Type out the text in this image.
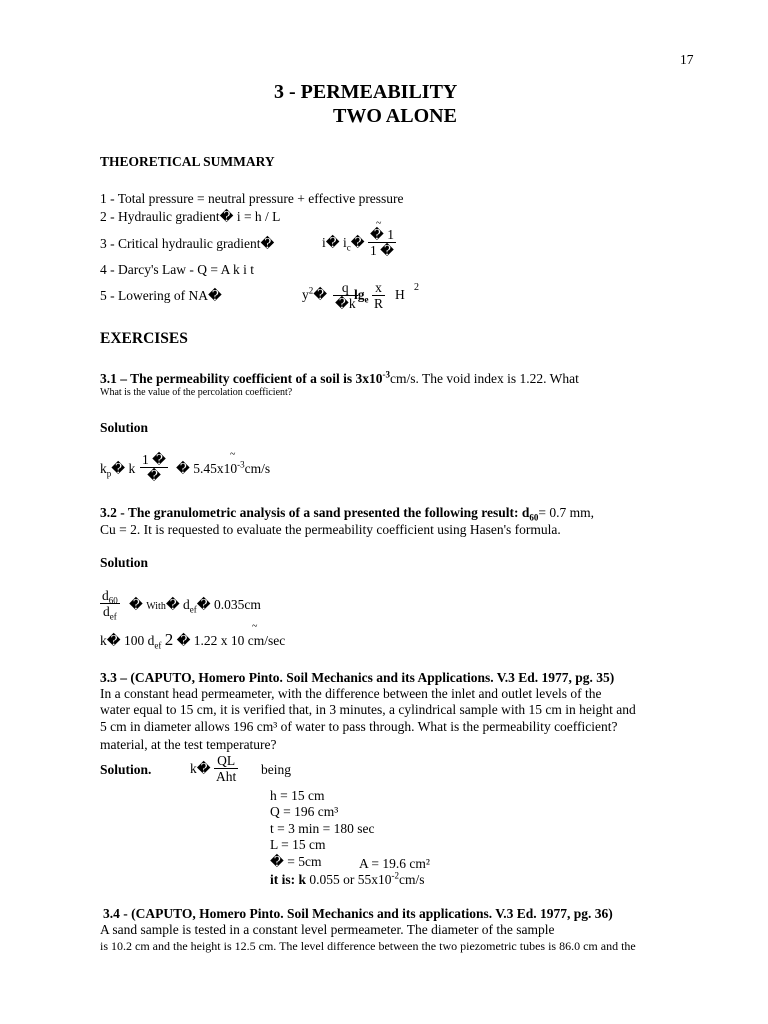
17
3 - PERMEABILITY
TWO ALONE
THEORETICAL SUMMARY
1 - Total pressure = neutral pressure + effective pressure
2 - Hydraulic gradient� i = h / L
3 - Critical hydraulic gradient�	i� $i_c�$
~
$\frac{� 1}{1 �}$
4 - Darcy's Law - Q = A k i t
5 - Lowering of NA�	$y^2� \frac{q}{�k}$
$\lg_e \frac{x}{R}$ H 2
EXERCISES
3.1 – The permeability coefficient of a soil is $3x10^{-3}cm/s$. The void index is 1.22. What
What is the value of the percolation coefficient?
Solution
$k_p�$ k
1 �
�
~
� $5.45x10^{-3}cm/s$
3.2 - The granulometric analysis of a sand presented the following result: $d_{60}= 0.7$ mm,
Cu = 2. It is requested to evaluate the permeability coefficient using Hasen's formula.
Solution
$d_{60}$
$d_{ef}$
� With� $d_{ef}�$ 0.035cm
k� 100 $d_{ef}$ 2 � 1.22 x 10 cm/sec
~
3.3 – (CAPUTO, Homero Pinto. Soil Mechanics and its Applications. V.3 Ed. 1977, pg. 35)
In a constant head permeameter, with the difference between the inlet and outlet levels of the
water equal to 15 cm, it is verified that, in 3 minutes, a cylindrical sample with 15 cm in height and
5 cm in diameter allows 196 cm³ of water to pass through. What is the permeability coefficient?
material, at the test temperature?
Solution.	k�
QL
Aht being
h = 15 cm
Q = 196 cm³
t = 3 min = 180 sec
L = 15 cm
� = 5cm	A = 19.6 cm²
it is: k 0.055 or $55x10^{-2}cm/s$
3.4 - (CAPUTO, Homero Pinto. Soil Mechanics and its applications. V.3 Ed. 1977, pg. 36)
A sand sample is tested in a constant level permeameter. The diameter of the sample
is 10.2 cm and the height is 12.5 cm. The level difference between the two piezometric tubes is 86.0 cm and the
